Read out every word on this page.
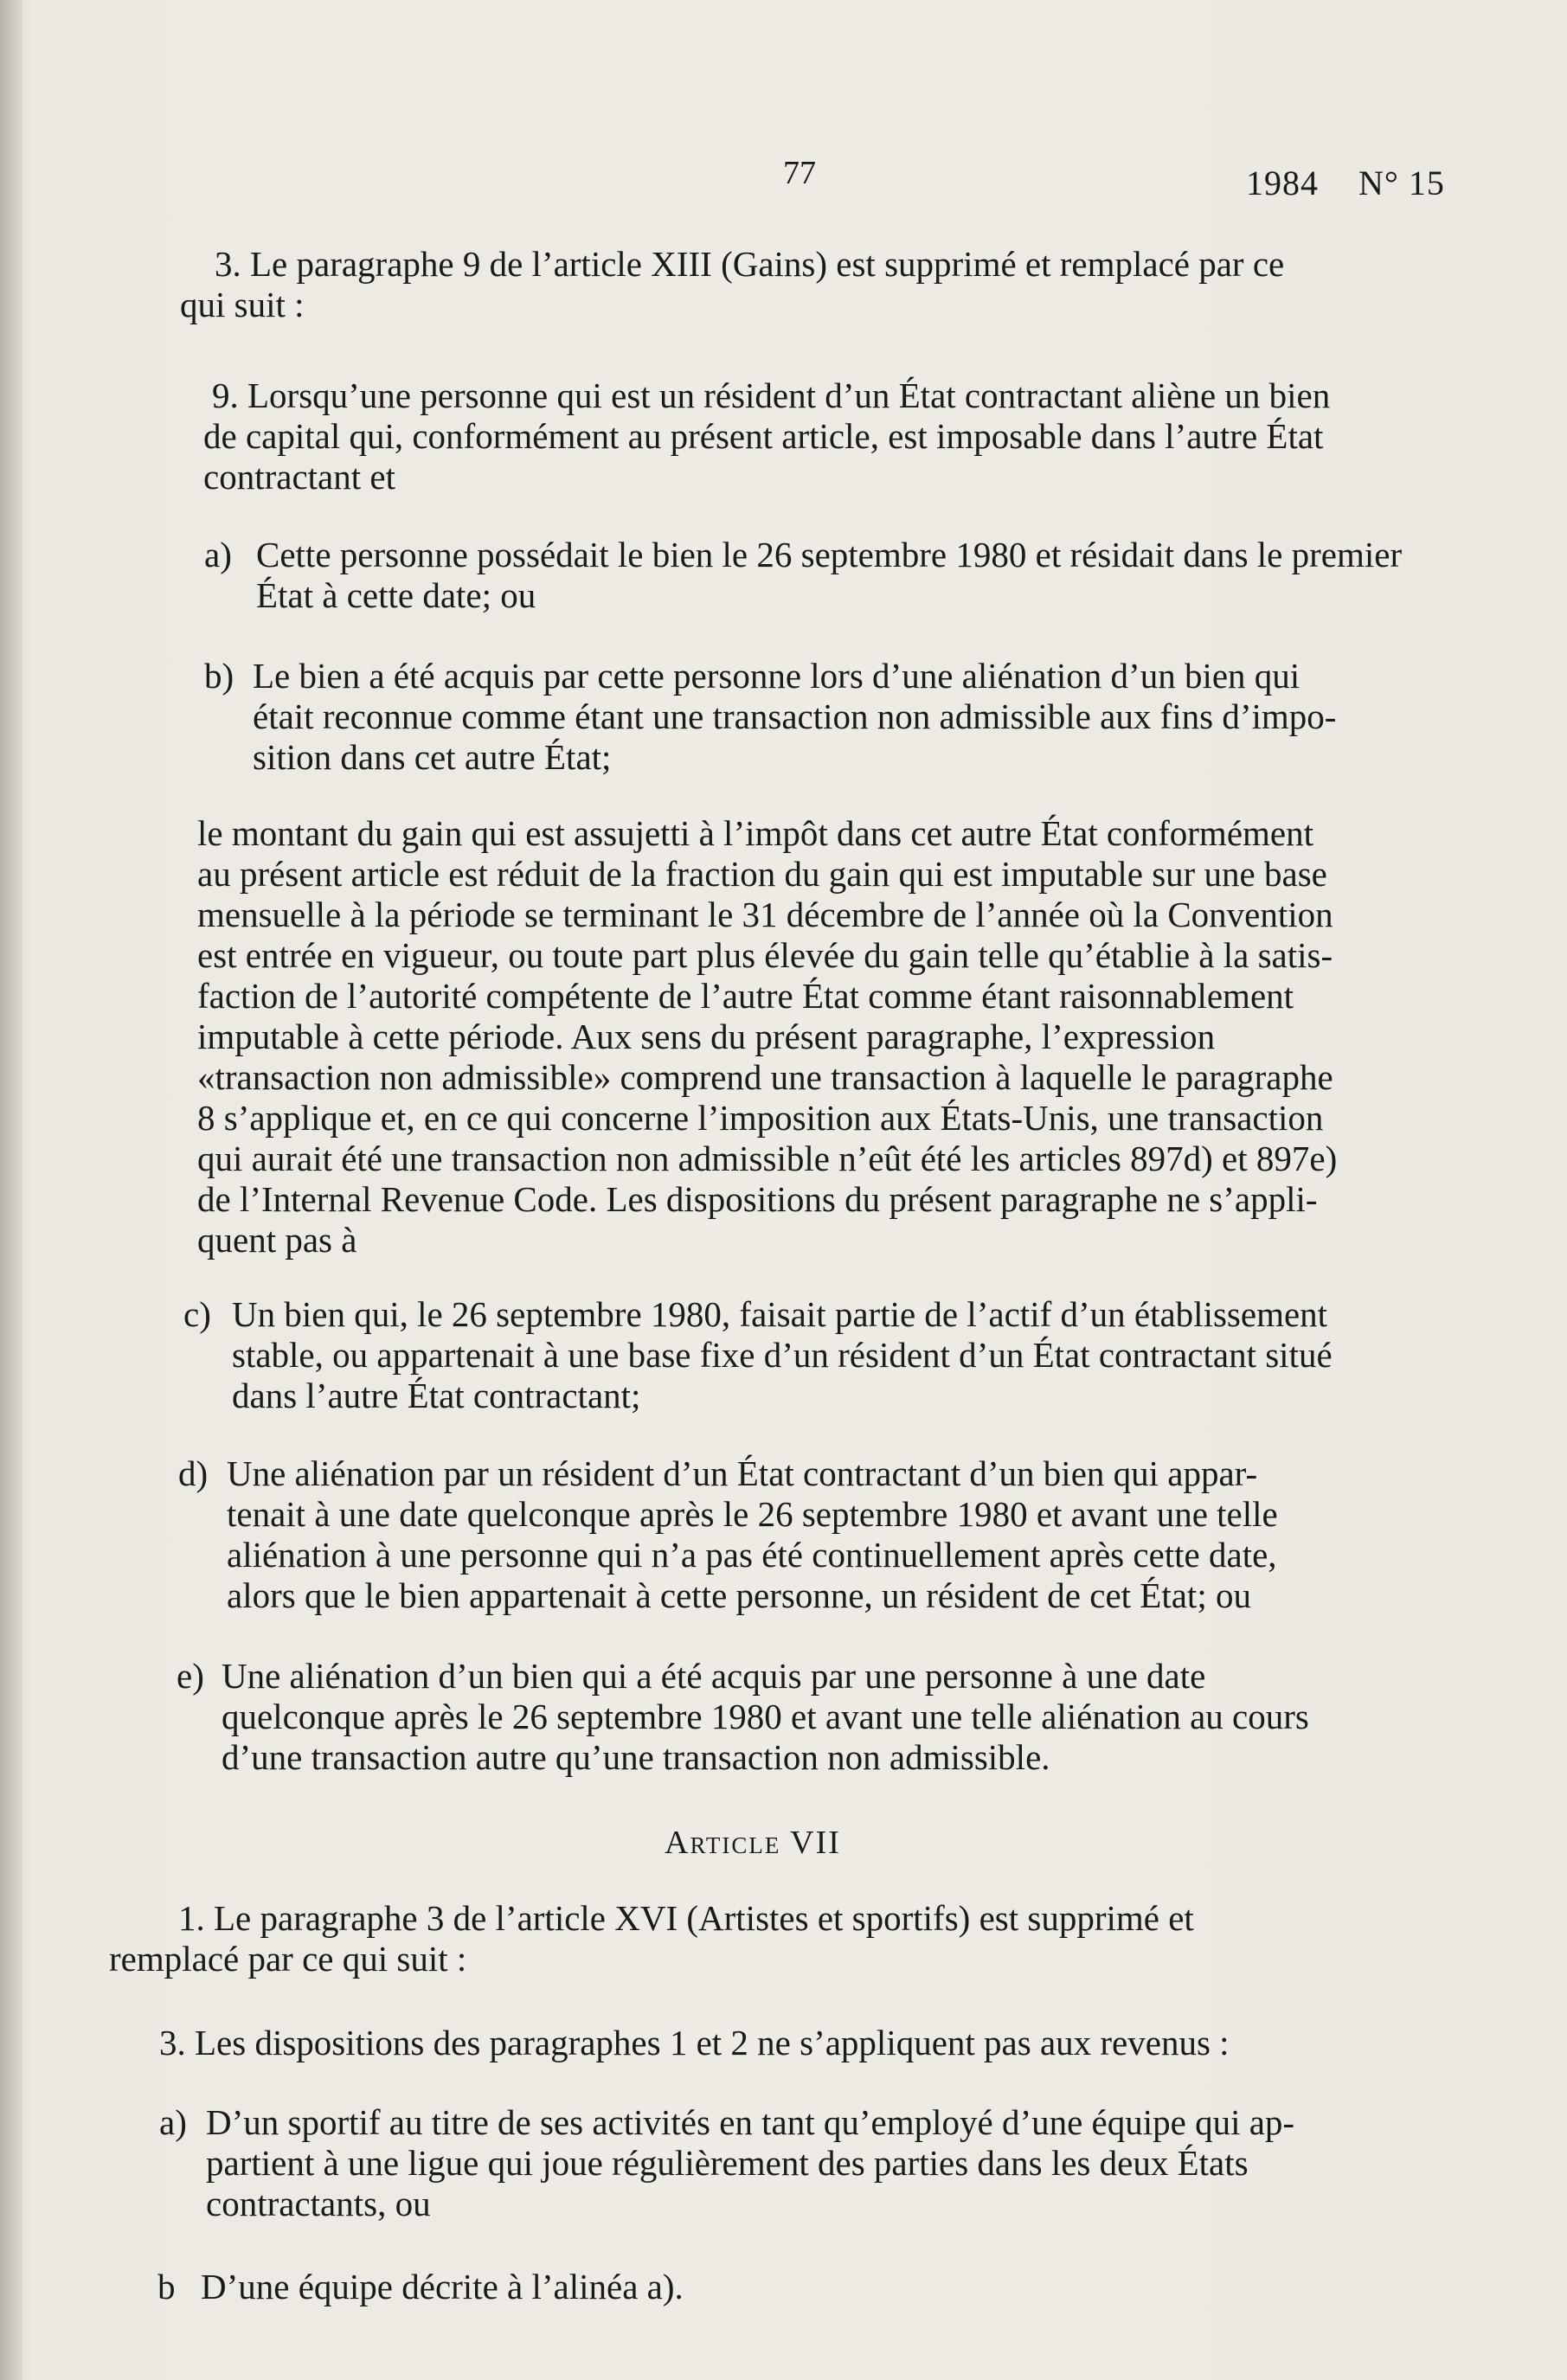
77	1984 N° 15
3. Le paragraphe 9 de l’article XIII (Gains) est supprimé et remplacé par ce
qui suit :
9. Lorsqu’une personne qui est un résident d’un État contractant aliène un bien
de capital qui, conformément au présent article, est imposable dans l’autre État
contractant et
a) Cette personne possédait le bien le 26 septembre 1980 et résidait dans le premier
État à cette date; ou
b) Le bien a été acquis par cette personne lors d’une aliénation d’un bien qui
était reconnue comme étant une transaction non admissible aux fins d’impo-
sition dans cet autre État;
le montant du gain qui est assujetti à l’impôt dans cet autre État conformément
au présent article est réduit de la fraction du gain qui est imputable sur une base
mensuelle à la période se terminant le 31 décembre de l’année où la Convention
est entrée en vigueur, ou toute part plus élevée du gain telle qu’établie à la satis-
faction de l’autorité compétente de l’autre État comme étant raisonnablement
imputable à cette période. Aux sens du présent paragraphe, l’expression
«transaction non admissible» comprend une transaction à laquelle le paragraphe
8 s’applique et, en ce qui concerne l’imposition aux États-Unis, une transaction
qui aurait été une transaction non admissible n’eût été les articles 897d) et 897e)
de l’Internal Revenue Code. Les dispositions du présent paragraphe ne s’appli-
quent pas à
c) Un bien qui, le 26 septembre 1980, faisait partie de l’actif d’un établissement
stable, ou appartenait à une base fixe d’un résident d’un État contractant situé
dans l’autre État contractant;
d) Une aliénation par un résident d’un État contractant d’un bien qui appar-
tenait à une date quelconque après le 26 septembre 1980 et avant une telle
aliénation à une personne qui n’a pas été continuellement après cette date,
alors que le bien appartenait à cette personne, un résident de cet État; ou
e) Une aliénation d’un bien qui a été acquis par une personne à une date
quelconque après le 26 septembre 1980 et avant une telle aliénation au cours
d’une transaction autre qu’une transaction non admissible.
Article VII
1. Le paragraphe 3 de l’article XVI (Artistes et sportifs) est supprimé et
remplacé par ce qui suit :
3. Les dispositions des paragraphes 1 et 2 ne s’appliquent pas aux revenus :
a) D’un sportif au titre de ses activités en tant qu’employé d’une équipe qui ap-
partient à une ligue qui joue régulièrement des parties dans les deux États
contractants, ou
b D’une équipe décrite à l’alinéa a).
